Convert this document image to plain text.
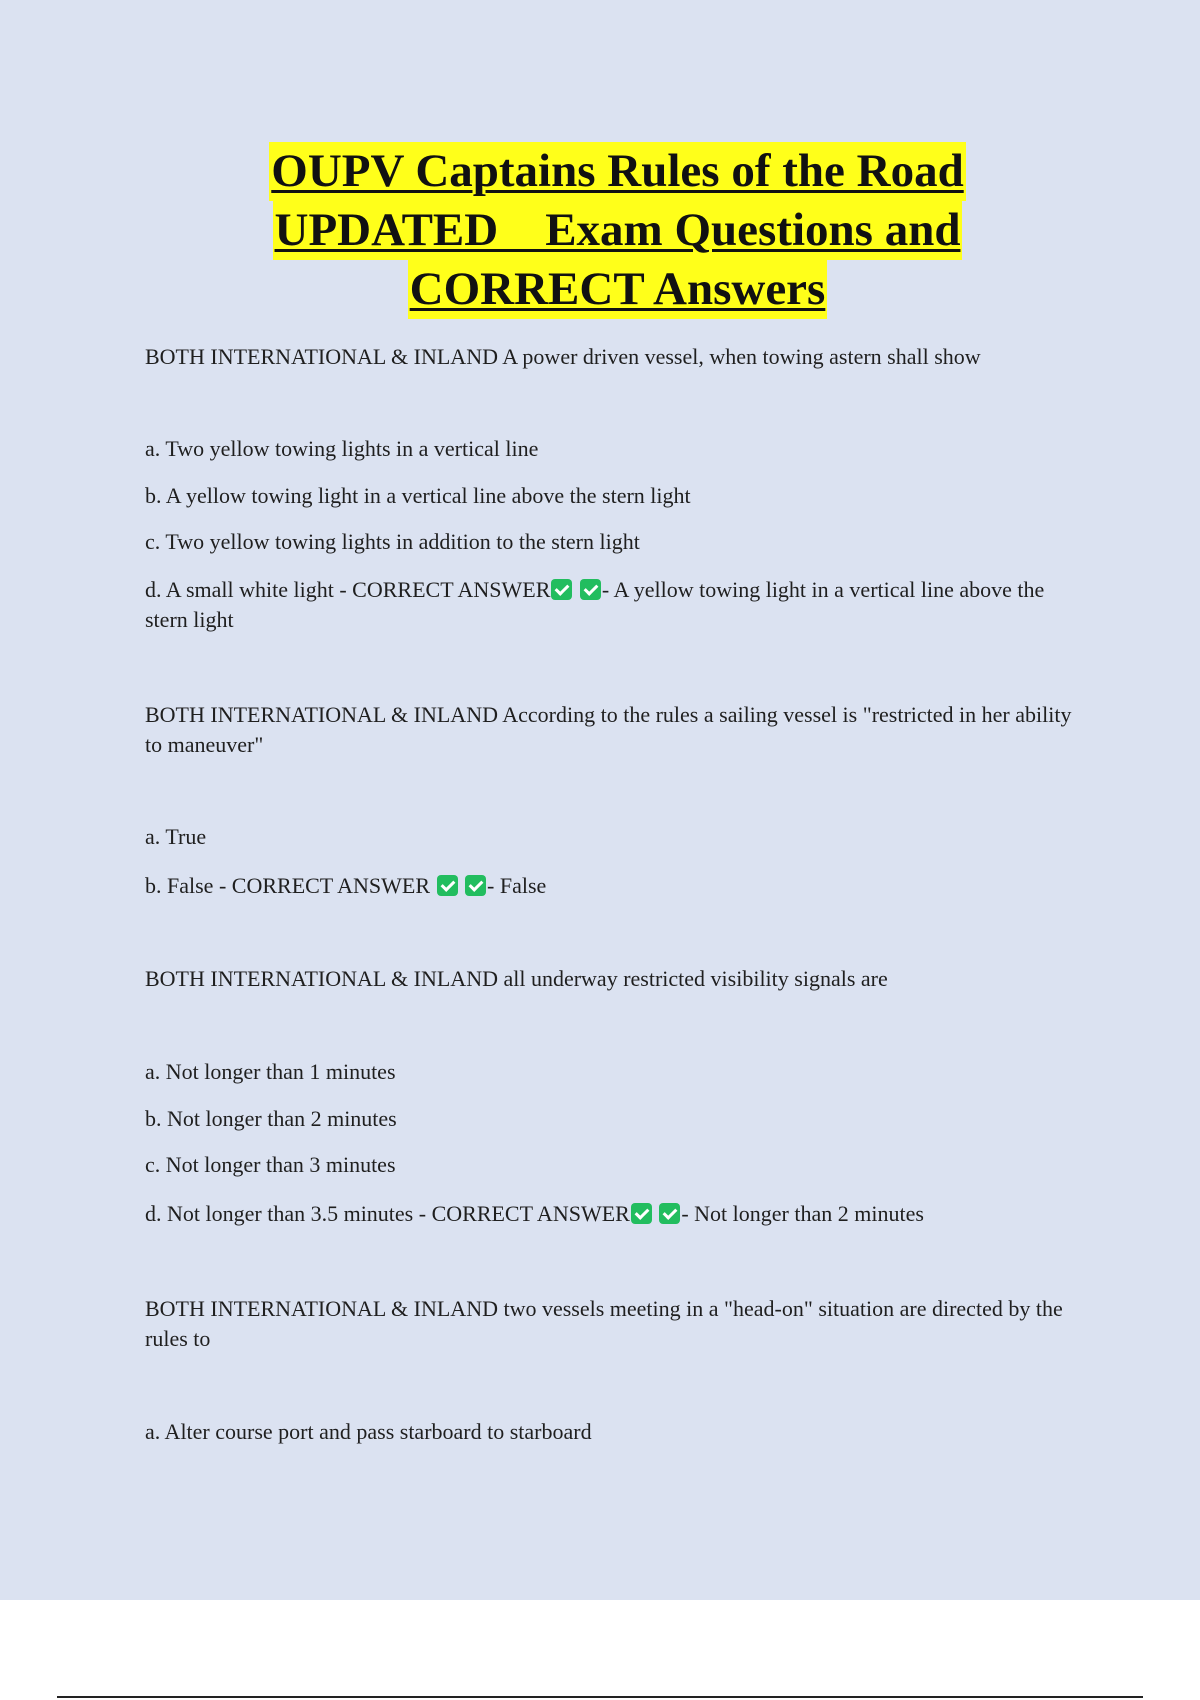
OUPV Captains Rules of the Road
UPDATED    Exam Questions and
CORRECT Answers

BOTH INTERNATIONAL & INLAND A power driven vessel, when towing astern shall show

a. Two yellow towing lights in a vertical line

b. A yellow towing light in a vertical line above the stern light

c. Two yellow towing lights in addition to the stern light

d. A small white light - CORRECT ANSWER - A yellow towing light in a vertical line above the stern light

BOTH INTERNATIONAL & INLAND According to the rules a sailing vessel is "restricted in her ability to maneuver"

a. True

b. False - CORRECT ANSWER	- False

BOTH INTERNATIONAL & INLAND all underway restricted visibility signals are

a. Not longer than 1 minutes

b. Not longer than 2 minutes

c. Not longer than 3 minutes

d. Not longer than 3.5 minutes - CORRECT ANSWER - Not longer than 2 minutes

BOTH INTERNATIONAL & INLAND two vessels meeting in a "head-on" situation are directed by the rules to

a. Alter course port and pass starboard to starboard
